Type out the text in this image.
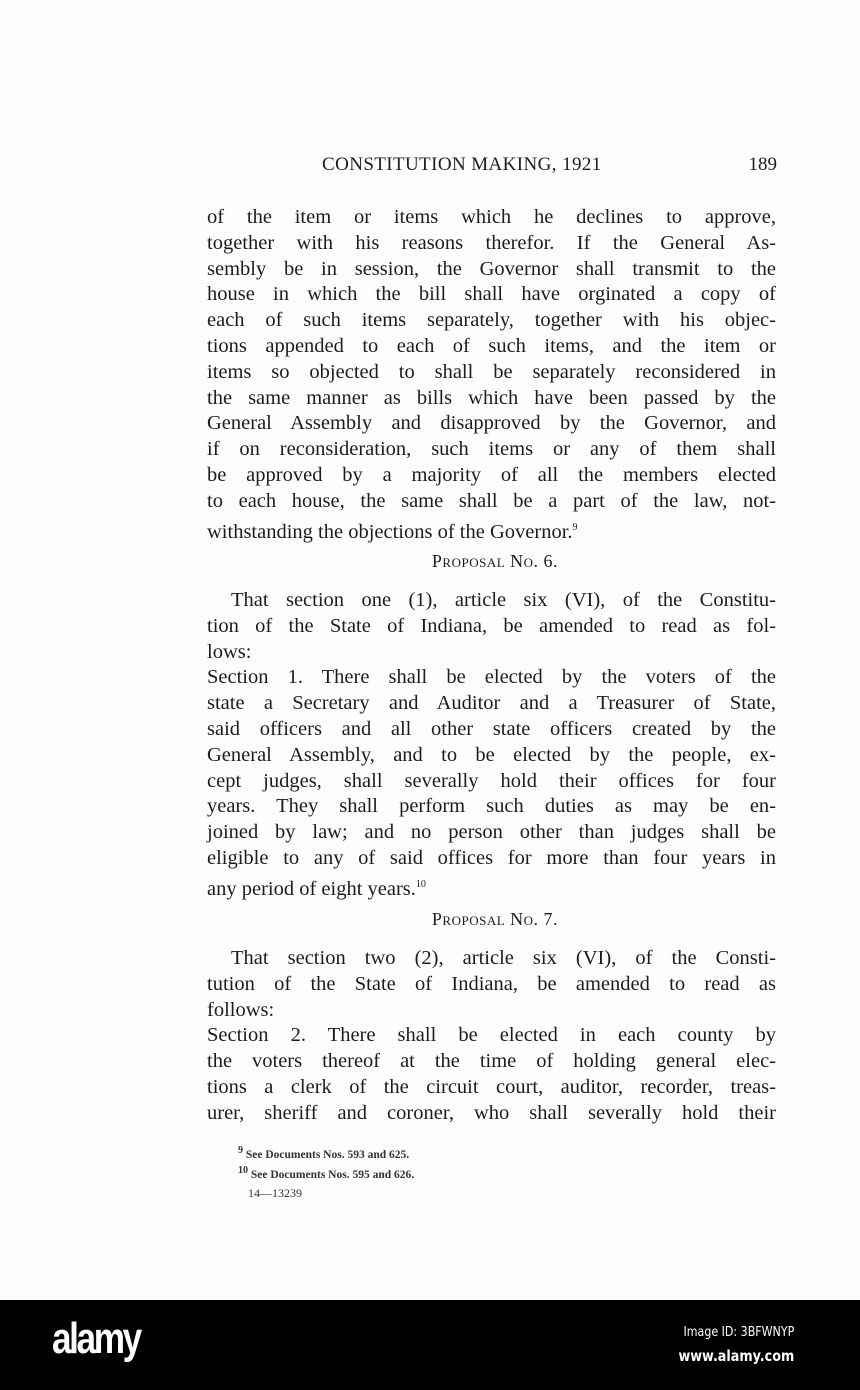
CONSTITUTION MAKING, 1921	189
of the item or items which he declines to approve,
together with his reasons therefor. If the General As-
sembly be in session, the Governor shall transmit to the
house in which the bill shall have orginated a copy of
each of such items separately, together with his objec-
tions appended to each of such items, and the item or
items so objected to shall be separately reconsidered in
the same manner as bills which have been passed by the
General Assembly and disapproved by the Governor, and
if on reconsideration, such items or any of them shall
be approved by a majority of all the members elected
to each house, the same shall be a part of the law, not-
withstanding the objections of the Governor.$^9$
Proposal No. 6.
That section one (1), article six (VI), of the Constitu-
tion of the State of Indiana, be amended to read as fol-
lows:
Section 1. There shall be elected by the voters of the
state a Secretary and Auditor and a Treasurer of State,
said officers and all other state officers created by the
General Assembly, and to be elected by the people, ex-
cept judges, shall severally hold their offices for four
years. They shall perform such duties as may be en-
joined by law; and no person other than judges shall be
eligible to any of said offices for more than four years in
any period of eight years.$^{10}$
Proposal No. 7.
That section two (2), article six (VI), of the Consti-
tution of the State of Indiana, be amended to read as
follows:
Section 2. There shall be elected in each county by
the voters thereof at the time of holding general elec-
tions a clerk of the circuit court, auditor, recorder, treas-
urer, sheriff and coroner, who shall severally hold their
$^9$ See Documents Nos. 593 and 625.
$^{10}$ See Documents Nos. 595 and 626.
14—13239
alamy	Image ID: 3BFWNYP
www.alamy.com
